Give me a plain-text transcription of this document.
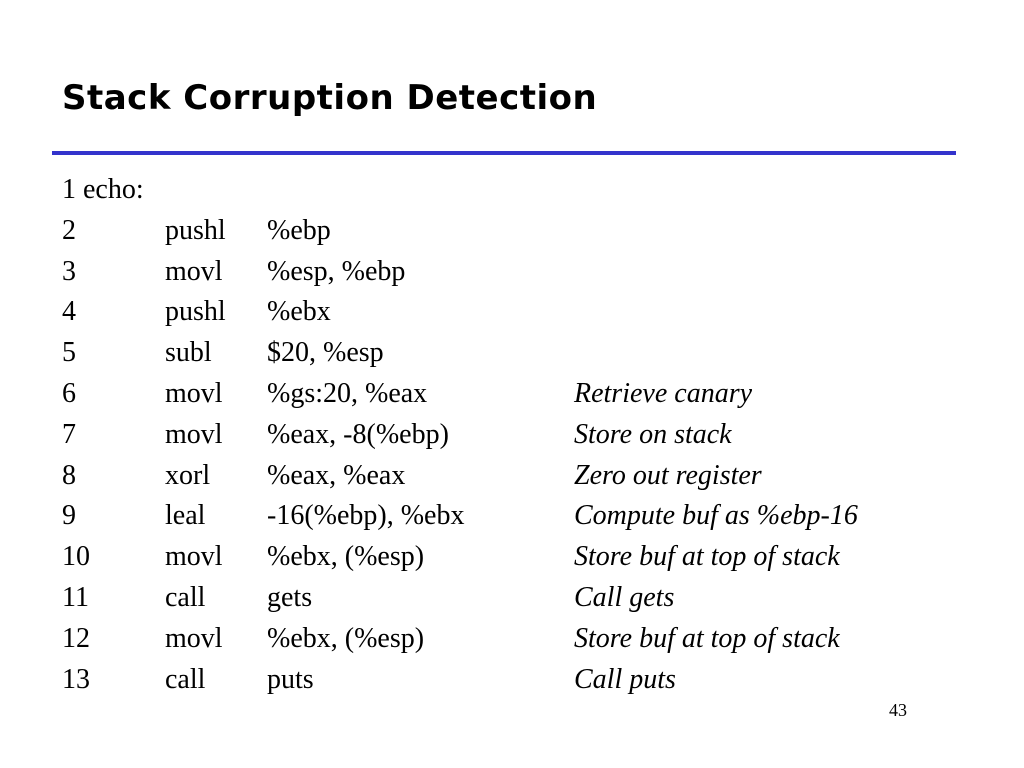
Stack Corruption Detection
1 echo:
2	pushl %ebp
3	movl %esp, %ebp
4	pushl %ebx
5	subl $20, %esp
6	movl %gs:20, %eax	Retrieve canary
7	movl %eax, -8(%ebp)	Store on stack
8	xorl %eax, %eax	Zero out register
9	leal -16(%ebp), %ebx	Compute buf as %ebp-16
10	movl %ebx, (%esp)	Store buf at top of stack
11	call gets	Call gets
12	movl %ebx, (%esp)	Store buf at top of stack
13	call puts	Call puts
43
